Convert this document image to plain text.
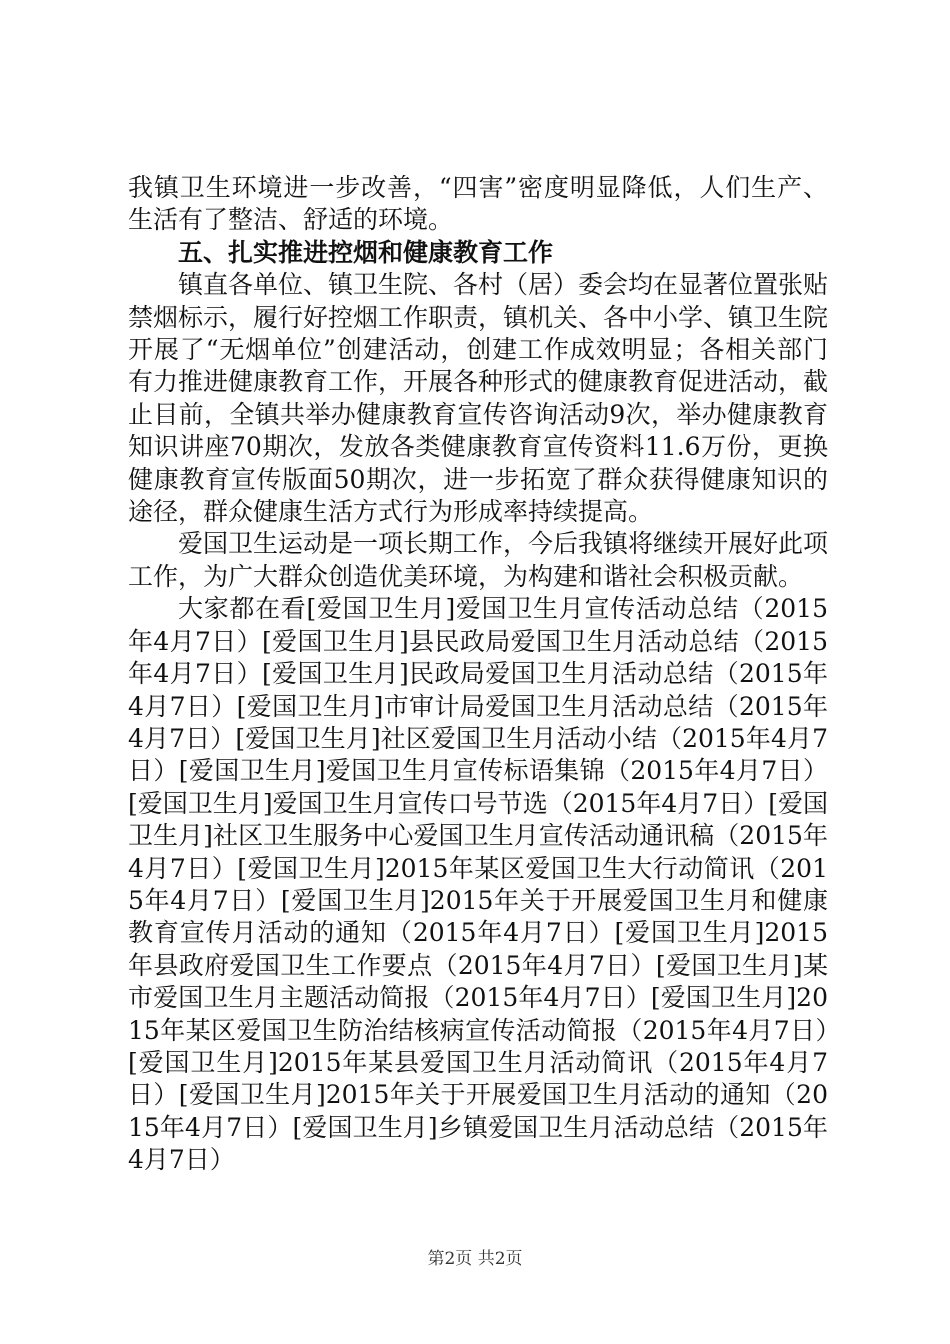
我镇卫生环境进一步改善，“四害”密度明显降低，人们生产、生活有了整洁、舒适的环境。

五、扎实推进控烟和健康教育工作

镇直各单位、镇卫生院、各村（居）委会均在显著位置张贴禁烟标示，履行好控烟工作职责，镇机关、各中小学、镇卫生院开展了“无烟单位”创建活动，创建工作成效明显；各相关部门有力推进健康教育工作，开展各种形式的健康教育促进活动，截止目前，全镇共举办健康教育宣传咨询活动9次，举办健康教育知识讲座70期次，发放各类健康教育宣传资料11.6万份，更换健康教育宣传版面50期次，进一步拓宽了群众获得健康知识的途径，群众健康生活方式行为形成率持续提高。

爱国卫生运动是一项长期工作，今后我镇将继续开展好此项工作，为广大群众创造优美环境，为构建和谐社会积极贡献。

大家都在看[爱国卫生月]爱国卫生月宣传活动总结（2015年4月7日）[爱国卫生月]县民政局爱国卫生月活动总结（2015年4月7日）[爱国卫生月]民政局爱国卫生月活动总结（2015年4月7日）[爱国卫生月]市审计局爱国卫生月活动总结（2015年4月7日）[爱国卫生月]社区爱国卫生月活动小结（2015年4月7日）[爱国卫生月]爱国卫生月宣传标语集锦（2015年4月7日）[爱国卫生月]爱国卫生月宣传口号节选（2015年4月7日）[爱国卫生月]社区卫生服务中心爱国卫生月宣传活动通讯稿（2015年4月7日）[爱国卫生月]2015年某区爱国卫生大行动简讯（2015年4月7日）[爱国卫生月]2015年关于开展爱国卫生月和健康教育宣传月活动的通知（2015年4月7日）[爱国卫生月]2015年县政府爱国卫生工作要点（2015年4月7日）[爱国卫生月]某市爱国卫生月主题活动简报（2015年4月7日）[爱国卫生月]2015年某区爱国卫生防治结核病宣传活动简报（2015年4月7日）[爱国卫生月]2015年某县爱国卫生月活动简讯（2015年4月7日）[爱国卫生月]2015年关于开展爱国卫生月活动的通知（2015年4月7日）[爱国卫生月]乡镇爱国卫生月活动总结（2015年4月7日）

第2页 共2页
